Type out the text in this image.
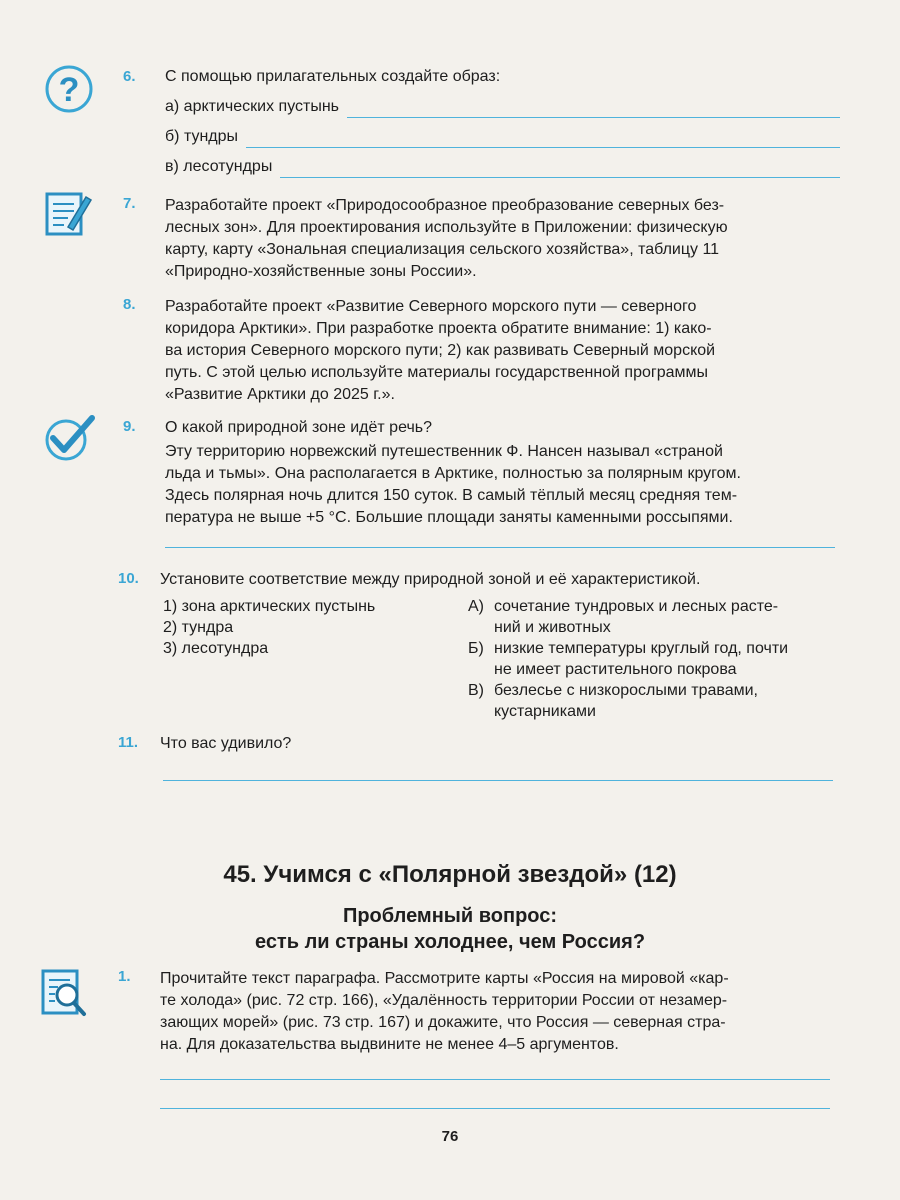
?	6. С помощью прилагательных создайте образ:
а) арктических пустынь
б) тундры
в) лесотундры
7. Разработайте проект «Природосообразное преобразование северных без-
лесных зон». Для проектирования используйте в Приложении: физическую
карту, карту «Зональная специализация сельского хозяйства», таблицу 11
«Природно-хозяйственные зоны России».
8. Разработайте проект «Развитие Северного морского пути — северного
коридора Арктики». При разработке проекта обратите внимание: 1) како-
ва история Северного морского пути; 2) как развивать Северный морской
путь. С этой целью используйте материалы государственной программы
«Развитие Арктики до 2025 г.».
9. О какой природной зоне идёт речь?
Эту территорию норвежский путешественник Ф. Нансен называл «страной
льда и тьмы». Она располагается в Арктике, полностью за полярным кругом.
Здесь полярная ночь длится 150 суток. В самый тёплый месяц средняя тем-
пература не выше +5 °С. Большие площади заняты каменными россыпями.
10. Установите соответствие между природной зоной и её характеристикой.
1) зона арктических пустынь
2) тундра
3) лесотундра
А) сочетание тундровых и лесных расте-
ний и животных
Б) низкие температуры круглый год, почти
не имеет растительного покрова
В) безлесье с низкорослыми травами,
кустарниками
11. Что вас удивило?
45. Учимся с «Полярной звездой» (12)
Проблемный вопрос:
есть ли страны холоднее, чем Россия?
1. Прочитайте текст параграфа. Рассмотрите карты «Россия на мировой «кар-
те холода» (рис. 72 стр. 166), «Удалённость территории России от незамер-
зающих морей» (рис. 73 стр. 167) и докажите, что Россия — северная стра-
на. Для доказательства выдвините не менее 4–5 аргументов.
76
